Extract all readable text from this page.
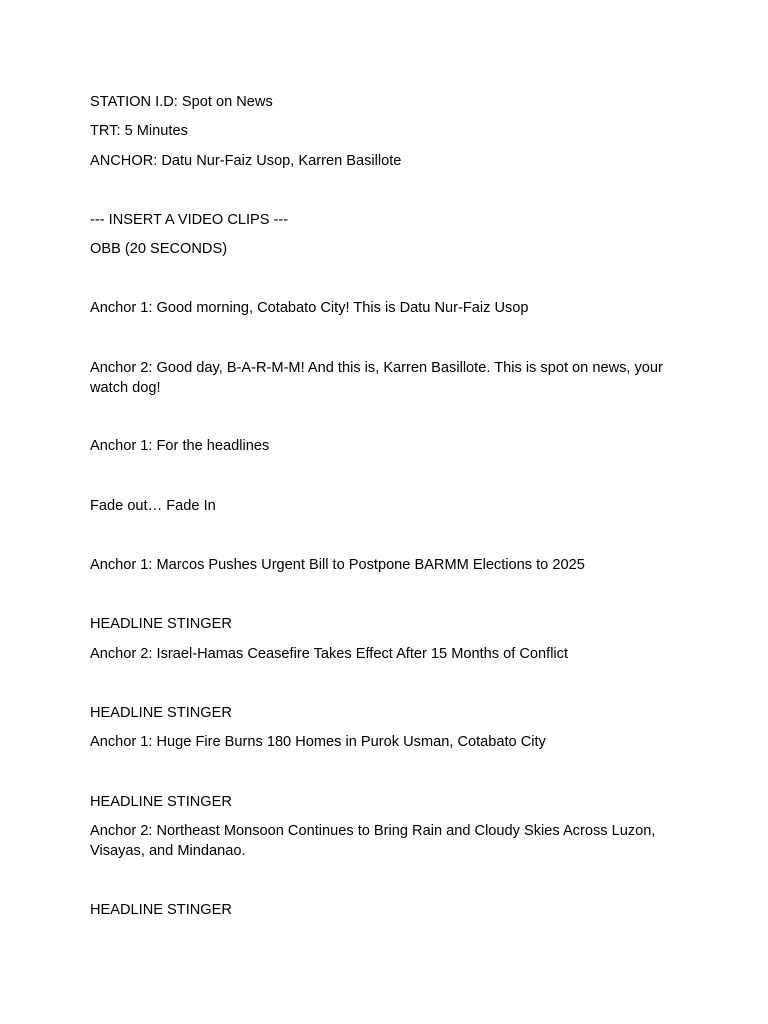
STATION I.D: Spot on News
TRT: 5 Minutes
ANCHOR: Datu Nur-Faiz Usop, Karren Basillote
--- INSERT A VIDEO CLIPS ---
OBB (20 SECONDS)
Anchor 1: Good morning, Cotabato City! This is Datu Nur-Faiz Usop
Anchor 2: Good day, B-A-R-M-M! And this is, Karren Basillote. This is spot on news, your watch dog!
Anchor 1: For the headlines
Fade out… Fade In
Anchor 1: Marcos Pushes Urgent Bill to Postpone BARMM Elections to 2025
HEADLINE STINGER
Anchor 2: Israel-Hamas Ceasefire Takes Effect After 15 Months of Conflict
HEADLINE STINGER
Anchor 1: Huge Fire Burns 180 Homes in Purok Usman, Cotabato City
HEADLINE STINGER
Anchor 2: Northeast Monsoon Continues to Bring Rain and Cloudy Skies Across Luzon, Visayas, and Mindanao.
HEADLINE STINGER
